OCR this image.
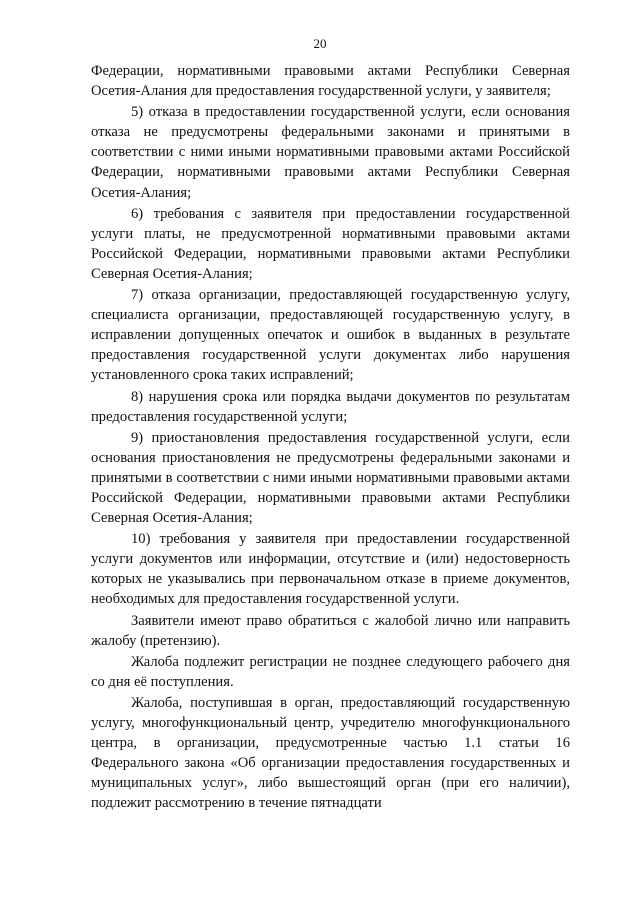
20

Федерации, нормативными правовыми актами Республики Северная Осетия-Алания для предоставления государственной услуги, у заявителя;

5) отказа в предоставлении государственной услуги, если основания отказа не предусмотрены федеральными законами и принятыми в соответствии с ними иными нормативными правовыми актами Российской Федерации, нормативными правовыми актами Республики Северная Осетия-Алания;

6) требования с заявителя при предоставлении государственной услуги платы, не предусмотренной нормативными правовыми актами Российской Федерации, нормативными правовыми актами Республики Северная Осетия-Алания;

7) отказа организации, предоставляющей государственную услугу, специалиста организации, предоставляющей государственную услугу, в исправлении допущенных опечаток и ошибок в выданных в результате предоставления государственной услуги документах либо нарушения установленного срока таких исправлений;

8) нарушения срока или порядка выдачи документов по результатам предоставления государственной услуги;

9) приостановления предоставления государственной услуги, если основания приостановления не предусмотрены федеральными законами и принятыми в соответствии с ними иными нормативными правовыми актами Российской Федерации, нормативными правовыми актами Республики Северная Осетия-Алания;

10) требования у заявителя при предоставлении государственной услуги документов или информации, отсутствие и (или) недостоверность которых не указывались при первоначальном отказе в приеме документов, необходимых для предоставления государственной услуги.

Заявители имеют право обратиться с жалобой лично или направить жалобу (претензию).

Жалоба подлежит регистрации не позднее следующего рабочего дня со дня её поступления.

Жалоба, поступившая в орган, предоставляющий государственную услугу, многофункциональный центр, учредителю многофункционального центра, в организации, предусмотренные частью 1.1 статьи 16 Федерального закона «Об организации предоставления государственных и муниципальных услуг», либо вышестоящий орган (при его наличии), подлежит рассмотрению в течение пятнадцати
